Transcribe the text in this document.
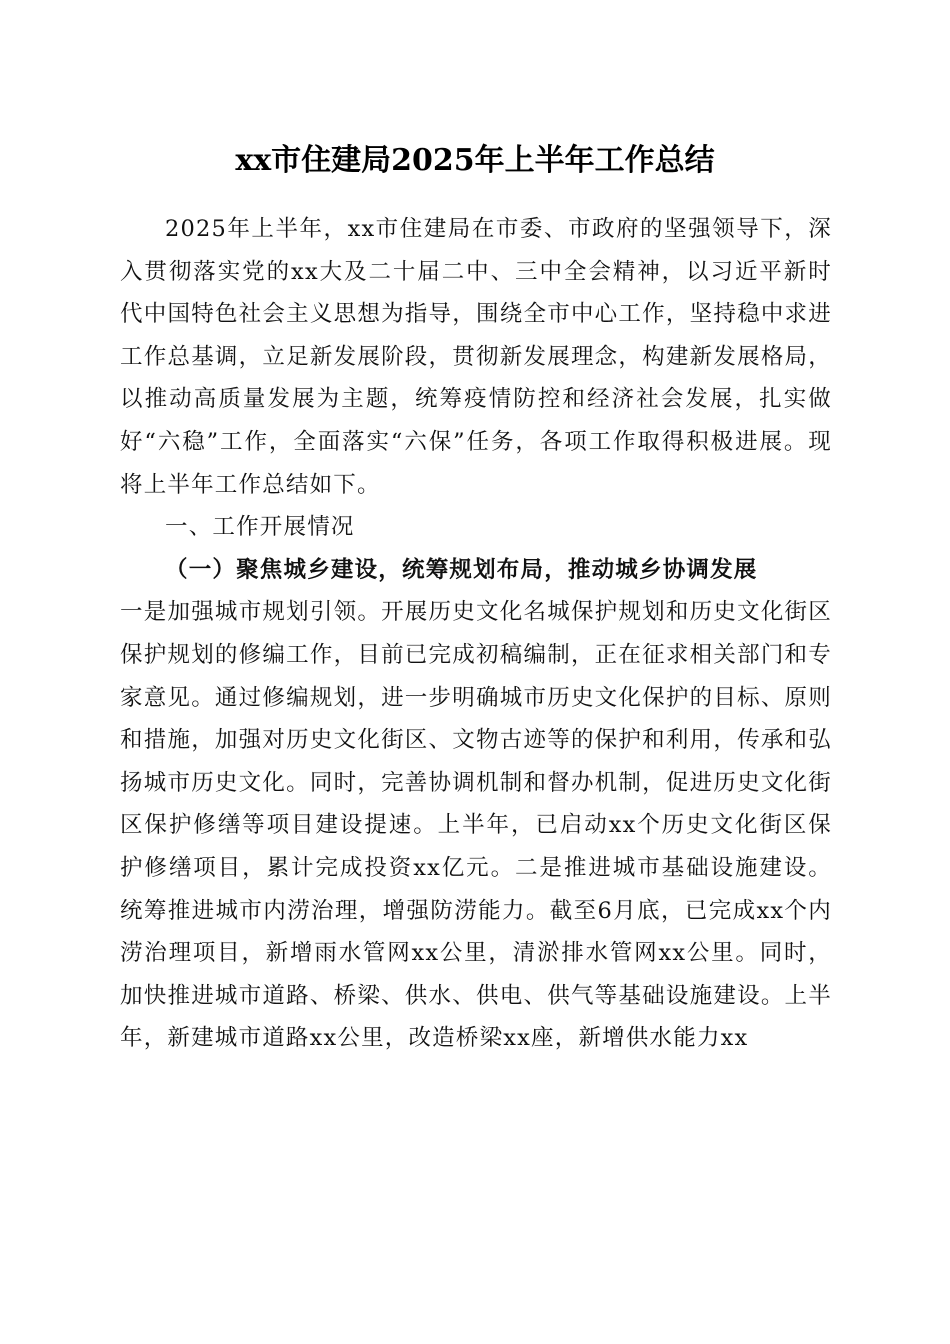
xx市住建局2025年上半年工作总结

2025年上半年，xx市住建局在市委、市政府的坚强领导下，深入贯彻落实党的xx大及二十届二中、三中全会精神，以习近平新时代中国特色社会主义思想为指导，围绕全市中心工作，坚持稳中求进工作总基调，立足新发展阶段，贯彻新发展理念，构建新发展格局，以推动高质量发展为主题，统筹疫情防控和经济社会发展，扎实做好“六稳”工作，全面落实“六保”任务，各项工作取得积极进展。现将上半年工作总结如下。

一、工作开展情况

（一）聚焦城乡建设，统筹规划布局，推动城乡协调发展

一是加强城市规划引领。开展历史文化名城保护规划和历史文化街区保护规划的修编工作，目前已完成初稿编制，正在征求相关部门和专家意见。通过修编规划，进一步明确城市历史文化保护的目标、原则和措施，加强对历史文化街区、文物古迹等的保护和利用，传承和弘扬城市历史文化。同时，完善协调机制和督办机制，促进历史文化街区保护修缮等项目建设提速。上半年，已启动xx个历史文化街区保护修缮项目，累计完成投资xx亿元。二是推进城市基础设施建设。统筹推进城市内涝治理，增强防涝能力。截至6月底，已完成xx个内涝治理项目，新增雨水管网xx公里，清淤排水管网xx公里。同时，加快推进城市道路、桥梁、供水、供电、供气等基础设施建设。上半年，新建城市道路xx公里，改造桥梁xx座，新增供水能力xx
